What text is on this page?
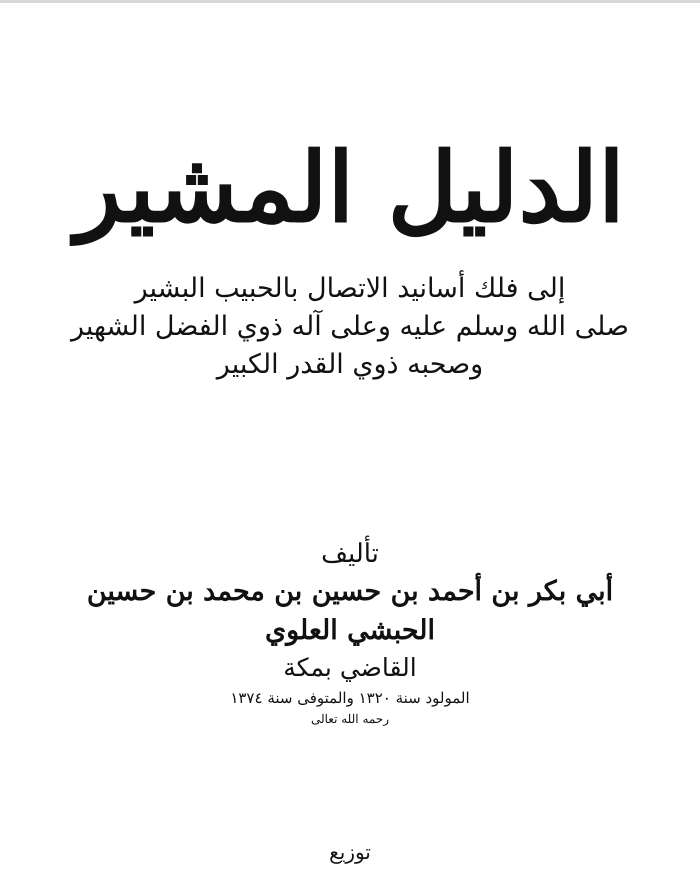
الدليل المشير
إلى فلك أسانيد الاتصال بالحبيب البشير
صلى الله وسلم عليه وعلى آله ذوي الفضل الشهير
وصحبه ذوي القدر الكبير
تأليف
أبي بكر بن أحمد بن حسين بن محمد بن حسين
الحبشي العلوي
القاضي بمكة
المولود سنة ١٣٢٠ والمتوفى سنة ١٣٧٤
رحمه الله تعالى
توزيع
